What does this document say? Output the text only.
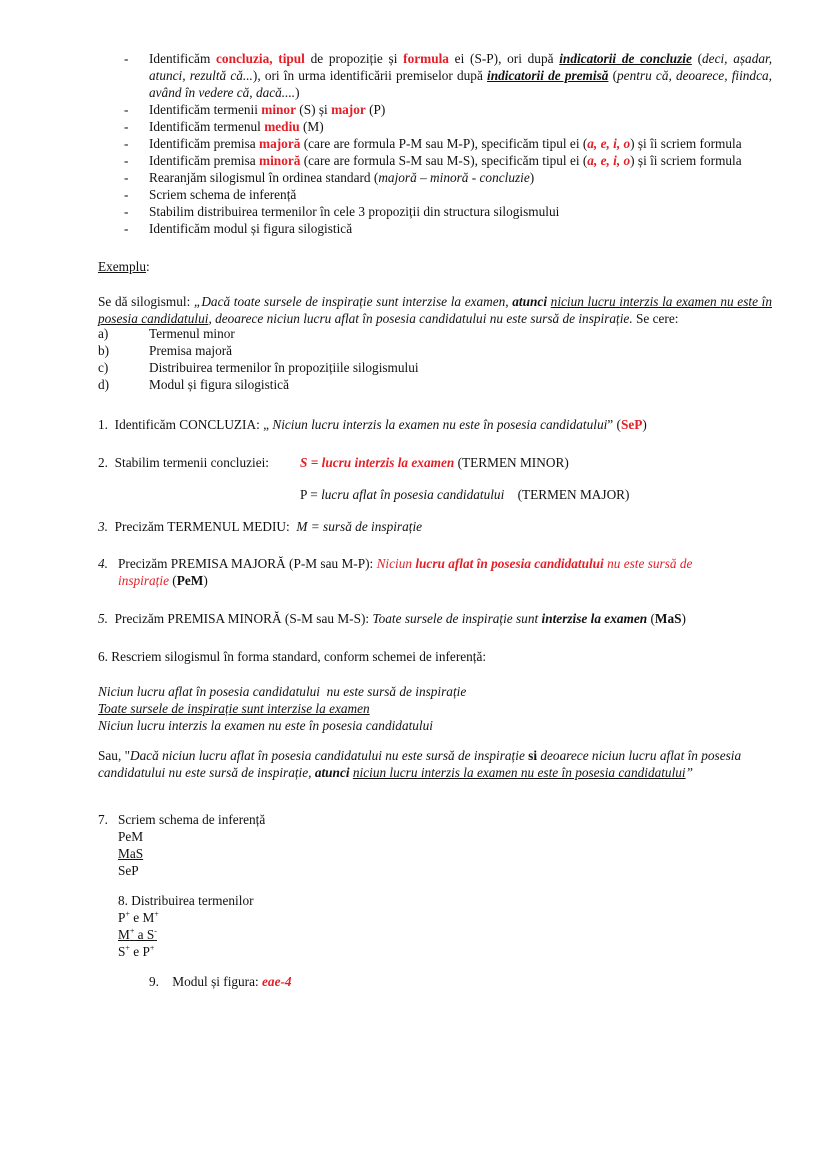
- Identificăm concluzia, tipul de propoziție și formula ei (S-P), ori după indicatorii de concluzie (deci, așadar, atunci, rezultă că...), ori în urma identificării premiselor după indicatorii de premisă (pentru că, deoarece, fiindca, având în vedere că, dacă....)
- Identificăm termenii minor (S) și major (P)
- Identificăm termenul mediu (M)
- Identificăm premisa majoră (care are formula P-M sau M-P), specificăm tipul ei (a, e, i, o) și îi scriem formula
- Identificăm premisa minoră (care are formula S-M sau M-S), specificăm tipul ei (a, e, i, o) și îi scriem formula
- Rearanjăm silogismul în ordinea standard (majoră – minoră - concluzie)
- Scriem schema de inferență
- Stabilim distribuirea termenilor în cele 3 propoziții din structura silogismului
- Identificăm modul și figura silogistică
Exemplu:
Se dă silogismul: „Dacă toate sursele de inspirație sunt interzise la examen, atunci niciun lucru interzis la examen nu este în posesia candidatului, deoarece niciun lucru aflat în posesia candidatului nu este sursă de inspirație. Se cere:
a)	Termenul minor
b)	Premisa majoră
c)	Distribuirea termenilor în propozițiile silogismului
d)	Modul și figura silogistică
1. Identificăm CONCLUZIA: „ Niciun lucru interzis la examen nu este în posesia candidatului” (SeP)
2. Stabilim termenii concluziei: S = lucru interzis la examen (TERMEN MINOR)
P = lucru aflat în posesia candidatului    (TERMEN MAJOR)
3. Precizăm TERMENUL MEDIU:  M = sursă de inspirație
4. Precizăm PREMISA MAJORĂ (P-M sau M-P): Niciun lucru aflat în posesia candidatului nu este sursă de inspirație (PeM)
5. Precizăm PREMISA MINORĂ (S-M sau M-S): Toate sursele de inspirație sunt interzise la examen (MaS)
6. Rescriem silogismul în forma standard, conform schemei de inferență:
Niciun lucru aflat în posesia candidatului  nu este sursă de inspirație
Toate sursele de inspirație sunt interzise la examen
Niciun lucru interzis la examen nu este în posesia candidatului
Sau, "Dacă niciun lucru aflat în posesia candidatului nu este sursă de inspirație si deoarece niciun lucru aflat în posesia candidatului nu este sursă de inspirație, atunci niciun lucru interzis la examen nu este în posesia candidatului”
7. Scriem schema de inferență
PeM
MaS
SeP
8. Distribuirea termenilor
P+ e M+
M+ a S-
S+ e P+
9. Modul și figura: eae-4
